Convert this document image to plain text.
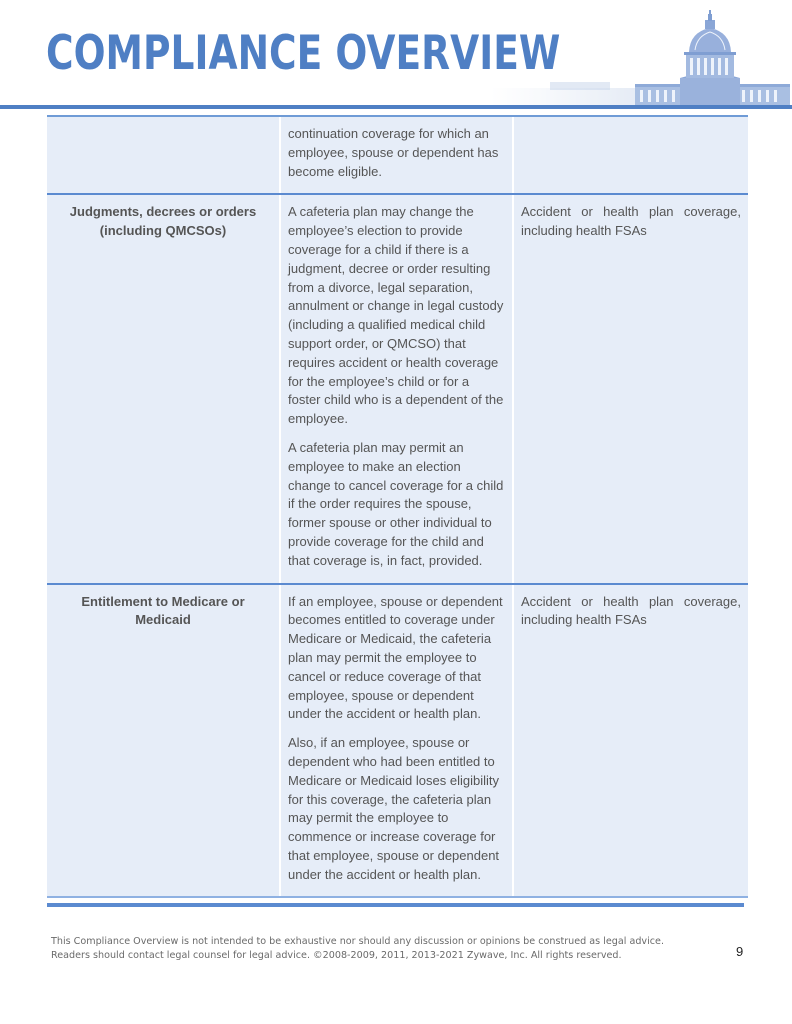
COMPLIANCE OVERVIEW

continuation coverage for which an employee, spouse or dependent has become eligible.

Judgments, decrees or orders (including QMCSOs)

A cafeteria plan may change the employee’s election to provide coverage for a child if there is a judgment, decree or order resulting from a divorce, legal separation, annulment or change in legal custody (including a qualified medical child support order, or QMCSO) that requires accident or health coverage for the employee’s child or for a foster child who is a dependent of the employee.

A cafeteria plan may permit an employee to make an election change to cancel coverage for a child if the order requires the spouse, former spouse or other individual to provide coverage for the child and that coverage is, in fact, provided.

Accident or health plan coverage, including health FSAs
Entitlement to Medicare or Medicaid

If an employee, spouse or dependent becomes entitled to coverage under Medicare or Medicaid, the cafeteria plan may permit the employee to cancel or reduce coverage of that employee, spouse or dependent under the accident or health plan.

Also, if an employee, spouse or dependent who had been entitled to Medicare or Medicaid loses eligibility for this coverage, the cafeteria plan may permit the employee to commence or increase coverage for that employee, spouse or dependent under the accident or health plan.

Accident or health plan coverage, including health FSAs
This Compliance Overview is not intended to be exhaustive nor should any discussion or opinions be construed as legal advice.
Readers should contact legal counsel for legal advice. ©2008-2009, 2011, 2013-2021 Zywave, Inc. All rights reserved.	9
